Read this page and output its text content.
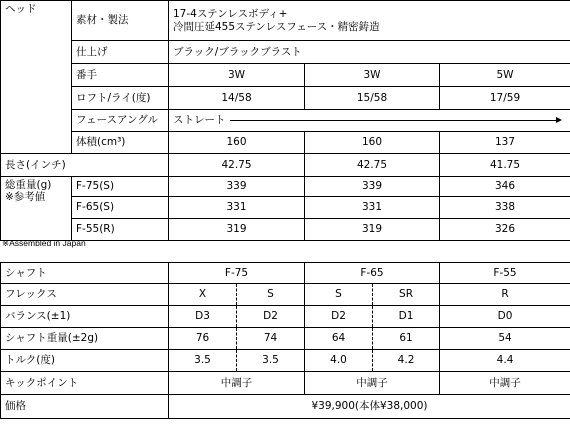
ヘッド	素材・製法	17-4ステンレスボディ+
冷間圧延455ステンレスフェース・精密鋳造		

	仕上げ	ブラック/ブラックブラスト		
	番手	3W	3W	5W
	ロフト/ライ(度)	14/58	15/58	17/59
	フェースアングル	ストレート		

	体積(cm³)	160	160	137

長さ(インチ)		42.75	42.75	41.75

総重量(g)
※参考値	F-75(S)	339	339	346
	F-65(S)	331	331	338
	F-55(R)	319	319	326
※Assembled in Japan
シャフト	F-75		F-65		F-55
フレックス	X	S	S	SR	R
バランス(±1)	D3	D2	D2	D1	D0
シャフト重量(±2g)	76	74	64	61	54
トルク(度)	3.5	3.5	4.0	4.2	4.4
キックポイント	中調子		中調子		中調子
価格	¥39,900(本体¥38,000)				
